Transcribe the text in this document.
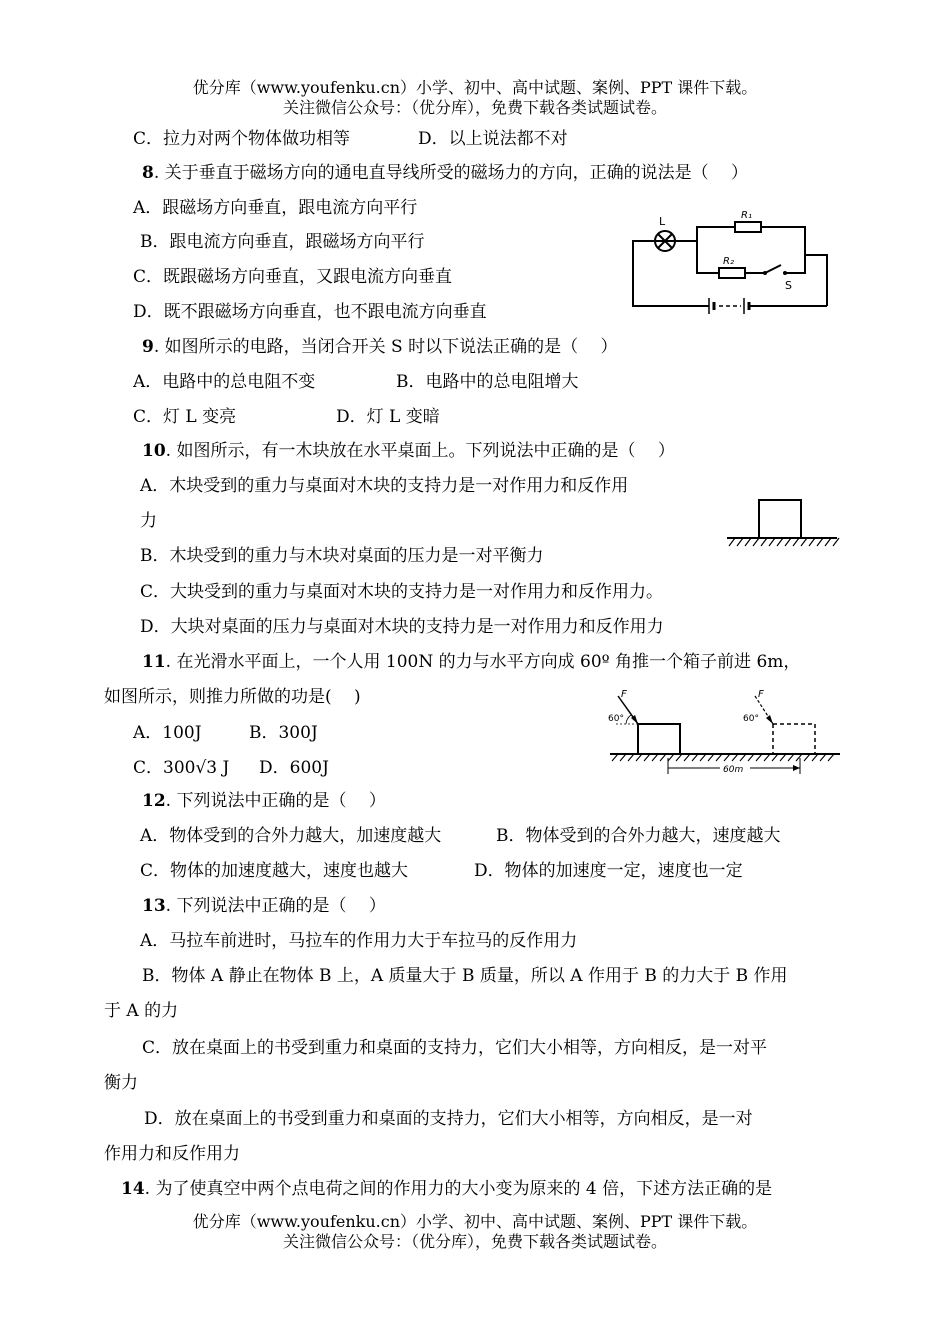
优分库（www.youfenku.cn）小学、初中、高中试题、案例、PPT 课件下载。
关注微信公众号：（优分库），免费下载各类试题试卷。
C．拉力对两个物体做功相等	D．以上说法都不对
8. 关于垂直于磁场方向的通电直导线所受的磁场力的方向，正确的说法是（　 ）
A．跟磁场方向垂直，跟电流方向平行
B．跟电流方向垂直，跟磁场方向平行
C．既跟磁场方向垂直，又跟电流方向垂直
D．既不跟磁场方向垂直，也不跟电流方向垂直
L	R₁
R₂
S
9. 如图所示的电路，当闭合开关 S 时以下说法正确的是（　 ）
A．电路中的总电阻不变	B．电路中的总电阻增大
C．灯 L 变亮	D．灯 L 变暗
10. 如图所示，有一木块放在水平桌面上。下列说法中正确的是（　 ）
A．木块受到的重力与桌面对木块的支持力是一对作用力和反作用
力
B．木块受到的重力与木块对桌面的压力是一对平衡力
C．大块受到的重力与桌面对木块的支持力是一对作用力和反作用力。
D．大块对桌面的压力与桌面对木块的支持力是一对作用力和反作用力
11. 在光滑水平面上，一个人用 100N 的力与水平方向成 60º 角推一个箱子前进 6m，
如图所示，则推力所做的功是(　 )
A．100J	B．300J
C．300√3 J D．600J
F
60°
F
60°
60m
12. 下列说法中正确的是（　 ）
A．物体受到的合外力越大，加速度越大	B．物体受到的合外力越大，速度越大
C．物体的加速度越大，速度也越大	D．物体的加速度一定，速度也一定
13. 下列说法中正确的是（　 ）
A．马拉车前进时，马拉车的作用力大于车拉马的反作用力
B．物体 A 静止在物体 B 上，A 质量大于 B 质量，所以 A 作用于 B 的力大于 B 作用
于 A 的力
C．放在桌面上的书受到重力和桌面的支持力，它们大小相等，方向相反，是一对平
衡力
D．放在桌面上的书受到重力和桌面的支持力，它们大小相等，方向相反，是一对
作用力和反作用力
14. 为了使真空中两个点电荷之间的作用力的大小变为原来的 4 倍，下述方法正确的是
优分库（www.youfenku.cn）小学、初中、高中试题、案例、PPT 课件下载。
关注微信公众号：（优分库），免费下载各类试题试卷。
